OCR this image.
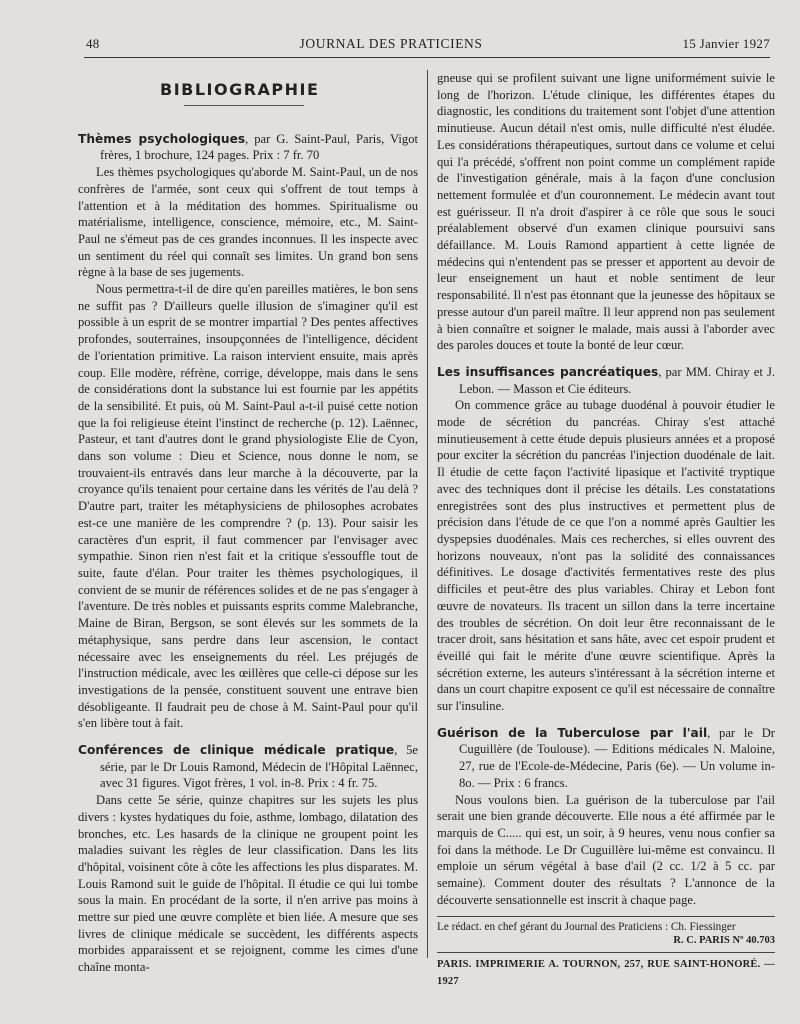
48	JOURNAL DES PRATICIENS	15 Janvier 1927
BIBLIOGRAPHIE

Thèmes psychologiques, par G. Saint-Paul, Paris, Vigot frères, 1 brochure, 124 pages. Prix : 7 fr. 70

Les thèmes psychologiques qu'aborde M. Saint-Paul, un de nos confrères de l'armée, sont ceux qui s'offrent de tout temps à l'attention et à la méditation des hommes. Spiritualisme ou matérialisme, intelligence, conscience, mémoire, etc., M. Saint-Paul ne s'émeut pas de ces grandes inconnues. Il les inspecte avec un sentiment du réel qui connaît ses limites. Un grand bon sens règne à la base de ses jugements.

Nous permettra-t-il de dire qu'en pareilles matières, le bon sens ne suffit pas ? D'ailleurs quelle illusion de s'imaginer qu'il est possible à un esprit de se montrer impartial ? Des pentes affectives profondes, souterraines, insoupçonnées de l'intelligence, décident de l'orientation primitive. La raison intervient ensuite, mais après coup. Elle modère, réfrène, corrige, développe, mais dans le sens de considérations dont la substance lui est fournie par les appétits de la sensibilité. Et puis, où M. Saint-Paul a-t-il puisé cette notion que la foi religieuse éteint l'instinct de recherche (p. 12). Laënnec, Pasteur, et tant d'autres dont le grand physiologiste Elie de Cyon, dans son volume : Dieu et Science, nous donne le nom, se trouvaient-ils entravés dans leur marche à la découverte, par la croyance qu'ils tenaient pour certaine dans les vérités de l'au delà ? D'autre part, traiter les métaphysiciens de philosophes acrobates est-ce une manière de les comprendre ? (p. 13). Pour saisir les caractères d'un esprit, il faut commencer par l'envisager avec sympathie. Sinon rien n'est fait et la critique s'essouffle tout de suite, faute d'élan. Pour traiter les thèmes psychologiques, il convient de se munir de références solides et de ne pas s'engager à l'aventure. De très nobles et puissants esprits comme Malebranche, Maine de Biran, Bergson, se sont élevés sur les sommets de la métaphysique, sans perdre dans leur ascension, le contact nécessaire avec les enseignements du réel. Les préjugés de l'instruction médicale, avec les œillères que celle-ci dépose sur les investigations de la pensée, constituent souvent une entrave bien désobligeante. Il faudrait peu de chose à M. Saint-Paul pour qu'il s'en libère tout à fait.

Conférences de clinique médicale pratique, 5e série, par le Dr Louis Ramond, Médecin de l'Hôpital Laënnec, avec 31 figures. Vigot frères, 1 vol. in-8. Prix : 4 fr. 75.

Dans cette 5e série, quinze chapitres sur les sujets les plus divers : kystes hydatiques du foie, asthme, lombago, dilatation des bronches, etc. Les hasards de la clinique ne groupent point les maladies suivant les règles de leur classification. Dans les lits d'hôpital, voisinent côte à côte les affections les plus disparates. M. Louis Ramond suit le guide de l'hôpital. Il étudie ce qui lui tombe sous la main. En procédant de la sorte, il n'en arrive pas moins à mettre sur pied une œuvre complète et bien liée. A mesure que ses livres de clinique médicale se succèdent, les différents aspects morbides apparaissent et se rejoignent, comme les cimes d'une chaîne monta-

gneuse qui se profilent suivant une ligne uniformément suivie le long de l'horizon. L'étude clinique, les différentes étapes du diagnostic, les conditions du traitement sont l'objet d'une attention minutieuse. Aucun détail n'est omis, nulle difficulté n'est éludée. Les considérations thérapeutiques, surtout dans ce volume et celui qui l'a précédé, s'offrent non point comme un complément rapide de l'investigation générale, mais à la façon d'une conclusion nettement formulée et d'un couronnement. Le médecin avant tout est guérisseur. Il n'a droit d'aspirer à ce rôle que sous le souci préalablement observé d'un examen clinique poursuivi sans défaillance. M. Louis Ramond appartient à cette lignée de médecins qui n'entendent pas se presser et apportent au devoir de leur enseignement un haut et noble sentiment de leur responsabilité. Il n'est pas étonnant que la jeunesse des hôpitaux se presse autour d'un pareil maître. Il leur apprend non pas seulement à bien connaître et soigner le malade, mais aussi à l'aborder avec des paroles douces et toute la bonté de leur cœur.

Les insuffisances pancréatiques, par MM. Chiray et J. Lebon. — Masson et Cie éditeurs.

On commence grâce au tubage duodénal à pouvoir étudier le mode de sécrétion du pancréas. Chiray s'est attaché minutieusement à cette étude depuis plusieurs années et a proposé pour exciter la sécrétion du pancréas l'injection duodénale de lait. Il étudie de cette façon l'activité lipasique et l'activité tryptique avec des techniques dont il précise les détails. Les constatations enregistrées sont des plus instructives et permettent plus de précision dans l'étude de ce que l'on a nommé après Gaultier les dyspepsies duodénales. Mais ces recherches, si elles ouvrent des horizons nouveaux, n'ont pas la solidité des connaissances définitives. Le dosage d'activités fermentatives reste des plus difficiles et peut-être des plus variables. Chiray et Lebon font œuvre de novateurs. Ils tracent un sillon dans la terre incertaine des troubles de sécrétion. On doit leur être reconnaissant de le tracer droit, sans hésitation et sans hâte, avec cet espoir prudent et éveillé qui fait le mérite d'une œuvre scientifique. Après la sécrétion externe, les auteurs s'intéressant à la sécrétion interne et dans un court chapitre exposent ce qu'il est nécessaire de connaître sur l'insuline.

Guérison de la Tuberculose par l'ail, par le Dr Cuguillère (de Toulouse). — Editions médicales N. Maloine, 27, rue de l'Ecole-de-Médecine, Paris (6e). — Un volume in-8o. — Prix : 6 francs.

Nous voulons bien. La guérison de la tuberculose par l'ail serait une bien grande découverte. Elle nous a été affirmée par le marquis de C..... qui est, un soir, à 9 heures, venu nous confier sa foi dans la méthode. Le Dr Cuguillère lui-même est convaincu. Il emploie un sérum végétal à base d'ail (2 cc. 1/2 à 5 cc. par semaine). Comment douter des résultats ? L'annonce de la découverte sensationnelle est inscrit à chaque page.

Le rédact. en chef gérant du Journal des Praticiens : Ch. Fiessinger
R. C. PARIS Nº 40.703
PARIS. IMPRIMERIE A. TOURNON, 257, RUE SAINT-HONORÉ. — 1927
